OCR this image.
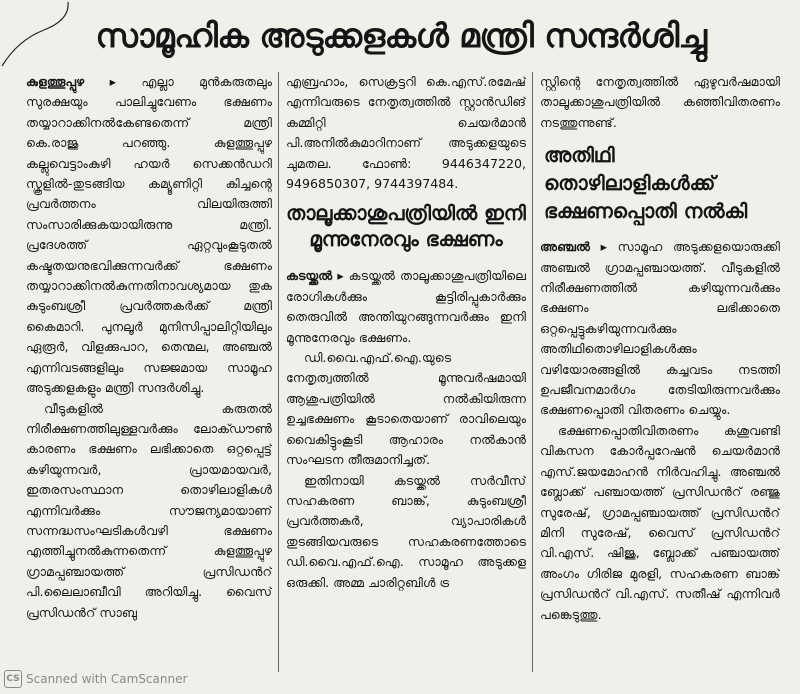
സാമൂഹിക അടുക്കളകൾ മന്ത്രി സന്ദർശിച്ചു

കുളത്തൂപ്പുഴ ▸ എല്ലാ മുൻകരുതലും സുരക്ഷയും പാലിച്ചുവേണം ഭക്ഷണം തയ്യാറാക്കിനൽകേണ്ടതെന്ന് മന്ത്രി കെ.രാജു പറഞ്ഞു. കുളത്തൂപ്പുഴ കല്ലുവെട്ടാംകുഴി ഹയർ സെക്കൻഡറി സ്കൂളിൽ-തുടങ്ങിയ കമ്യൂണിറ്റി കിച്ചന്റെ പ്രവർത്തനം വിലയിരുത്തി സംസാരിക്കുകയായിരുന്നു മന്ത്രി. പ്രദേശത്ത് ഏറ്റവുംകൂടുതൽ കഷ്ടതയനുഭവിക്കുന്നവർക്ക് ഭക്ഷണം തയ്യാറാക്കിനൽകുന്നതിനാവശ്യമായ തുക കുടുംബശ്രീ പ്രവർത്തകർക്ക് മന്ത്രി കൈമാറി. പുനലൂർ മുനിസിപ്പാലിറ്റിയിലും ഏരൂർ, വിളക്കുപാറ, തെന്മല, അഞ്ചൽ എന്നിവടങ്ങളിലും സജ്ജമായ സാമൂഹ അടുക്കളകളും മന്ത്രി സന്ദർശിച്ചു.

വീടുകളിൽ കരുതൽ നിരീക്ഷണത്തിലുള്ളവർക്കും ലോക്ഡൗൺ കാരണം ഭക്ഷണം ലഭിക്കാതെ ഒറ്റപ്പെട്ട് കഴിയുന്നവർ, പ്രായമായവർ, ഇതരസംസ്ഥാന തൊഴിലാളികൾ എന്നിവർക്കും സൗജന്യമായാണ് സന്നദ്ധസംഘടികൾവഴി ഭക്ഷണം എത്തിച്ചുനൽകുന്നതെന്ന് കുളത്തൂപ്പുഴ ഗ്രാമപ്പഞ്ചായത്ത് പ്രസിഡൻറ് പി.ലൈലാബീവി അറിയിച്ചു. വൈസ് പ്രസിഡൻറ് സാബു

എബ്രഹാം, സെക്രട്ടറി കെ.എസ്.രമേഷ് എന്നിവരുടെ നേതൃത്വത്തിൽ സ്റ്റാൻഡിങ് കമ്മിറ്റി ചെയർമാൻ പി.അനിൽകുമാറിനാണ് അടുക്കളയുടെ ചുമതല. ഫോൺ: 9446347220, 9496850307, 9744397484.

താലൂക്കാശുപത്രിയിൽ ഇനി മൂന്നുനേരവും ഭക്ഷണം

കടയ്ക്കൽ ▸ കടയ്ക്കൽ താലൂക്കാശുപത്രിയിലെ രോഗികൾക്കും കൂട്ടിരിപ്പുകാർക്കും തെരുവിൽ അന്തിയുറങ്ങുന്നവർക്കും ഇനി മൂന്നുനേരവും ഭക്ഷണം.

ഡി.വൈ.എഫ്.ഐ.യുടെ നേതൃത്വത്തിൽ മൂന്നുവർഷമായി ആശുപത്രിയിൽ നൽകിയിരുന്ന ഉച്ചഭക്ഷണം കൂടാതെയാണ് രാവിലെയും വൈകിട്ടുംകൂടി ആഹാരം നൽകാൻ സംഘടന തീരുമാനിച്ചത്.

ഇതിനായി കടയ്ക്കൽ സർവീസ് സഹകരണ ബാങ്ക്, കുടുംബശ്രീ പ്രവർത്തകർ, വ്യാപാരികൾ തുടങ്ങിയവരുടെ സഹകരണത്തോടെ ഡി.വൈ.എഫ്.ഐ. സാമൂഹ അടുക്കള ഒരുക്കി. അമ്മ ചാരിറ്റബിൾ ട്ര

സ്റ്റിന്റെ നേതൃത്വത്തിൽ ഏഴുവർഷമായി താലൂക്കാശുപത്രിയിൽ കഞ്ഞിവിതരണം നടത്തുന്നുണ്ട്.

അതിഥി തൊഴിലാളികൾക്ക് ഭക്ഷണപ്പൊതി നൽകി

അഞ്ചൽ ▸ സാമൂഹ അടുക്കളയൊരുക്കി അഞ്ചൽ ഗ്രാമപ്പഞ്ചായത്ത്. വീടുകളിൽ നിരീക്ഷണത്തിൽ കഴിയുന്നവർക്കും ഭക്ഷണം ലഭിക്കാതെ ഒറ്റപ്പെട്ടുകഴിയുന്നവർക്കും അതിഥിതൊഴിലാളികൾക്കും വഴിയോരങ്ങളിൽ കച്ചവടം നടത്തി ഉപജീവനമാർഗം തേടിയിരുന്നവർക്കും ഭക്ഷണപ്പൊതി വിതരണം ചെയ്യും.

ഭക്ഷണപ്പൊതിവിതരണം കശുവണ്ടി വികസന കോർപ്പറേഷൻ ചെയർമാൻ എസ്.ജയമോഹൻ നിർവഹിച്ചു. അഞ്ചൽ ബ്ലോക്ക് പഞ്ചായത്ത് പ്രസിഡൻറ് രഞ്ജു സുരേഷ്, ഗ്രാമപ്പഞ്ചായത്ത് പ്രസിഡൻറ് മിനി സുരേഷ്, വൈസ് പ്രസിഡൻറ് വി.എസ്. ഷിജു, ബ്ലോക്ക് പഞ്ചായത്ത് അംഗം ഗിരിജ മുരളി, സഹകരണ ബാങ്ക് പ്രസിഡൻറ് വി.എസ്. സതീഷ് എന്നിവർ പങ്കെടുത്തു.

CS Scanned with CamScanner
